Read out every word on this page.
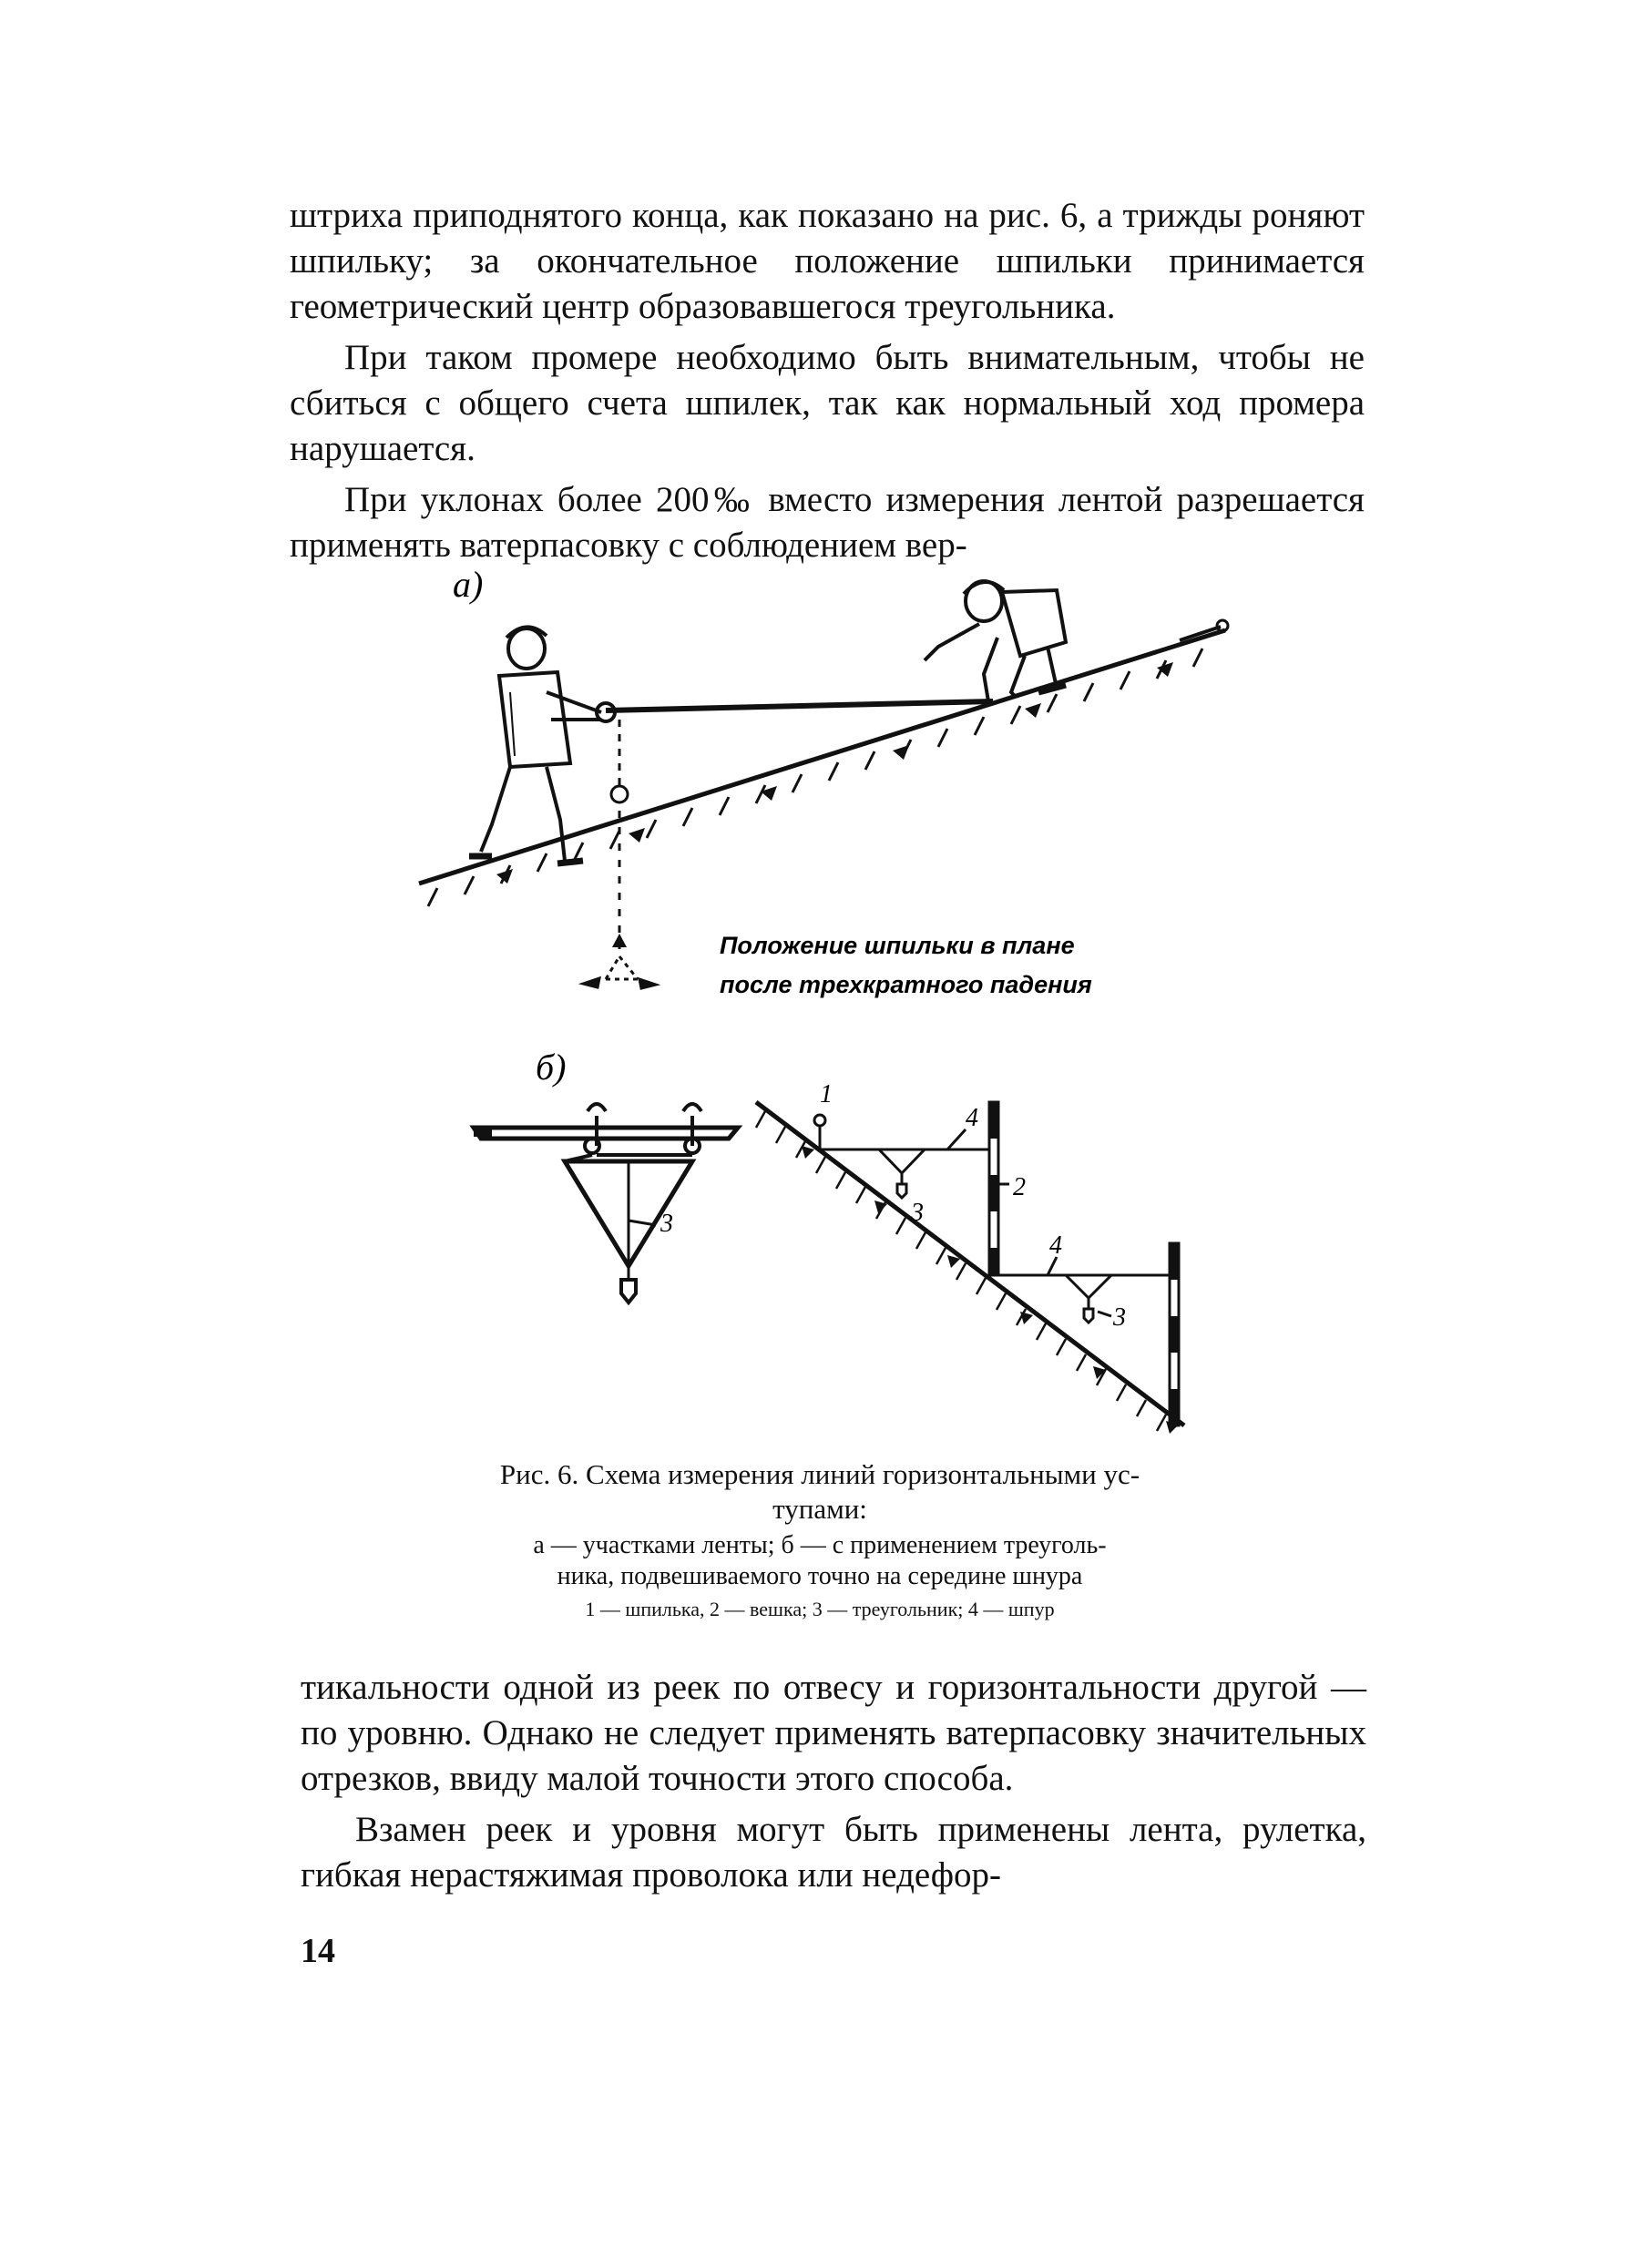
штриха приподнятого конца, как показано на рис. 6, а трижды роняют шпильку; за окончательное положение шпильки принимается геометрический центр образовавшегося треугольника.

При таком промере необходимо быть внимательным, чтобы не сбиться с общего счета шпилек, так как нормальный ход промера нарушается.

При уклонах более 200‰ вместо измерения лентой разрешается применять ватерпасовку с соблюдением вер-

а)
Положение шпильки в плане
после трехкратного падения
б)
3
1
4
3
2
4
3

Рис. 6. Схема измерения линий горизонтальными ус-

тупами:

а — участками ленты; б — с применением треуголь-

ника, подвешиваемого точно на середине шнура

1 — шпилька, 2 — вешка; 3 — треугольник; 4 — шпур

тикальности одной из реек по отвесу и горизонтальности другой — по уровню. Однако не следует применять ватерпасовку значительных отрезков, ввиду малой точности этого способа.

Взамен реек и уровня могут быть применены лента, рулетка, гибкая нерастяжимая проволока или недефор-

14
